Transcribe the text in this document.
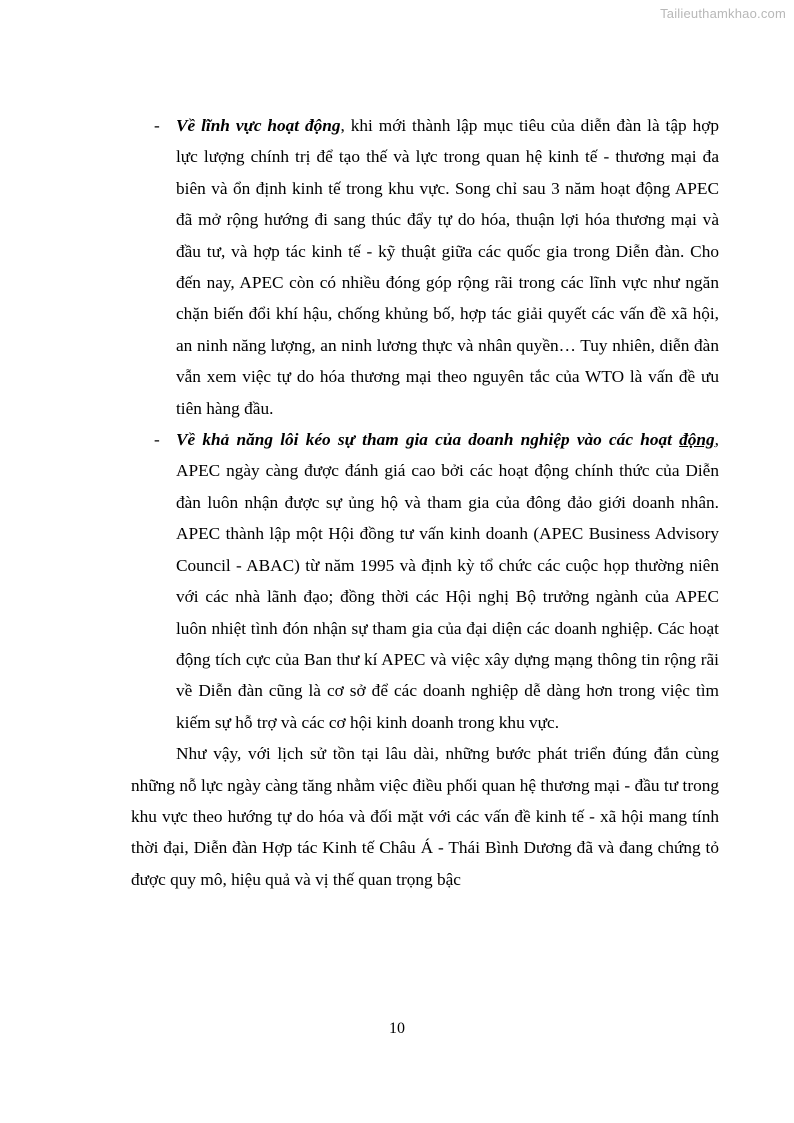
Tailieuthamkhao.com

- Về lĩnh vực hoạt động, khi mới thành lập mục tiêu của diễn đàn là tập hợp lực lượng chính trị để tạo thế và lực trong quan hệ kinh tế - thương mại đa biên và ổn định kinh tế trong khu vực. Song chỉ sau 3 năm hoạt động APEC đã mở rộng hướng đi sang thúc đẩy tự do hóa, thuận lợi hóa thương mại và đầu tư, và hợp tác kinh tế - kỹ thuật giữa các quốc gia trong Diễn đàn. Cho đến nay, APEC còn có nhiều đóng góp rộng rãi trong các lĩnh vực như ngăn chặn biến đổi khí hậu, chống khủng bố, hợp tác giải quyết các vấn đề xã hội, an ninh năng lượng, an ninh lương thực và nhân quyền… Tuy nhiên, diễn đàn vẫn xem việc tự do hóa thương mại theo nguyên tắc của WTO là vấn đề ưu tiên hàng đầu.

- Về khả năng lôi kéo sự tham gia của doanh nghiệp vào các hoạt động, APEC ngày càng được đánh giá cao bởi các hoạt động chính thức của Diễn đàn luôn nhận được sự ủng hộ và tham gia của đông đảo giới doanh nhân. APEC thành lập một Hội đồng tư vấn kinh doanh (APEC Business Advisory Council - ABAC) từ năm 1995 và định kỳ tổ chức các cuộc họp thường niên với các nhà lãnh đạo; đồng thời các Hội nghị Bộ trưởng ngành của APEC luôn nhiệt tình đón nhận sự tham gia của đại diện các doanh nghiệp. Các hoạt động tích cực của Ban thư kí APEC và việc xây dựng mạng thông tin rộng rãi về Diễn đàn cũng là cơ sở để các doanh nghiệp dễ dàng hơn trong việc tìm kiếm sự hỗ trợ và các cơ hội kinh doanh trong khu vực.

Như vậy, với lịch sử tồn tại lâu dài, những bước phát triển đúng đắn cùng những nỗ lực ngày càng tăng nhằm việc điều phối quan hệ thương mại - đầu tư trong khu vực theo hướng tự do hóa và đối mặt với các vấn đề kinh tế - xã hội mang tính thời đại, Diễn đàn Hợp tác Kinh tế Châu Á - Thái Bình Dương đã và đang chứng tỏ được quy mô, hiệu quả và vị thế quan trọng bậc

10
